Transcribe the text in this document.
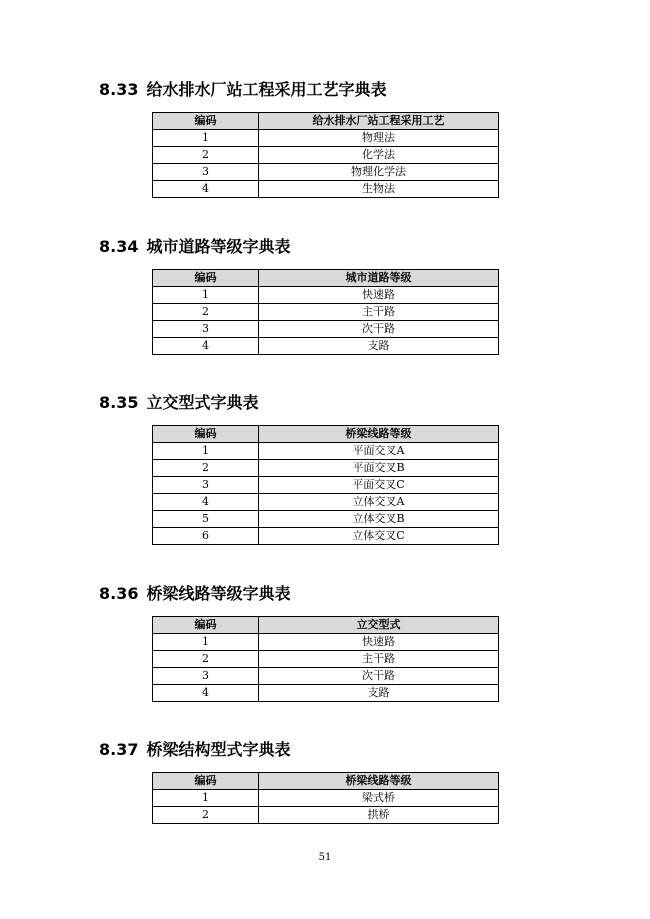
8.33 给水排水厂站工程采用工艺字典表
编码	给水排水厂站工程采用工艺
1	物理法
2	化学法
3	物理化学法
4	生物法
8.34 城市道路等级字典表
编码	城市道路等级
1	快速路
2	主干路
3	次干路
4	支路
8.35 立交型式字典表
编码	桥梁线路等级
1	平面交叉A
2	平面交叉B
3	平面交叉C
4	立体交叉A
5	立体交叉B
6	立体交叉C
8.36 桥梁线路等级字典表
编码	立交型式
1	快速路
2	主干路
3	次干路
4	支路
8.37 桥梁结构型式字典表
编码	桥梁线路等级
1	梁式桥
2	拱桥
51
